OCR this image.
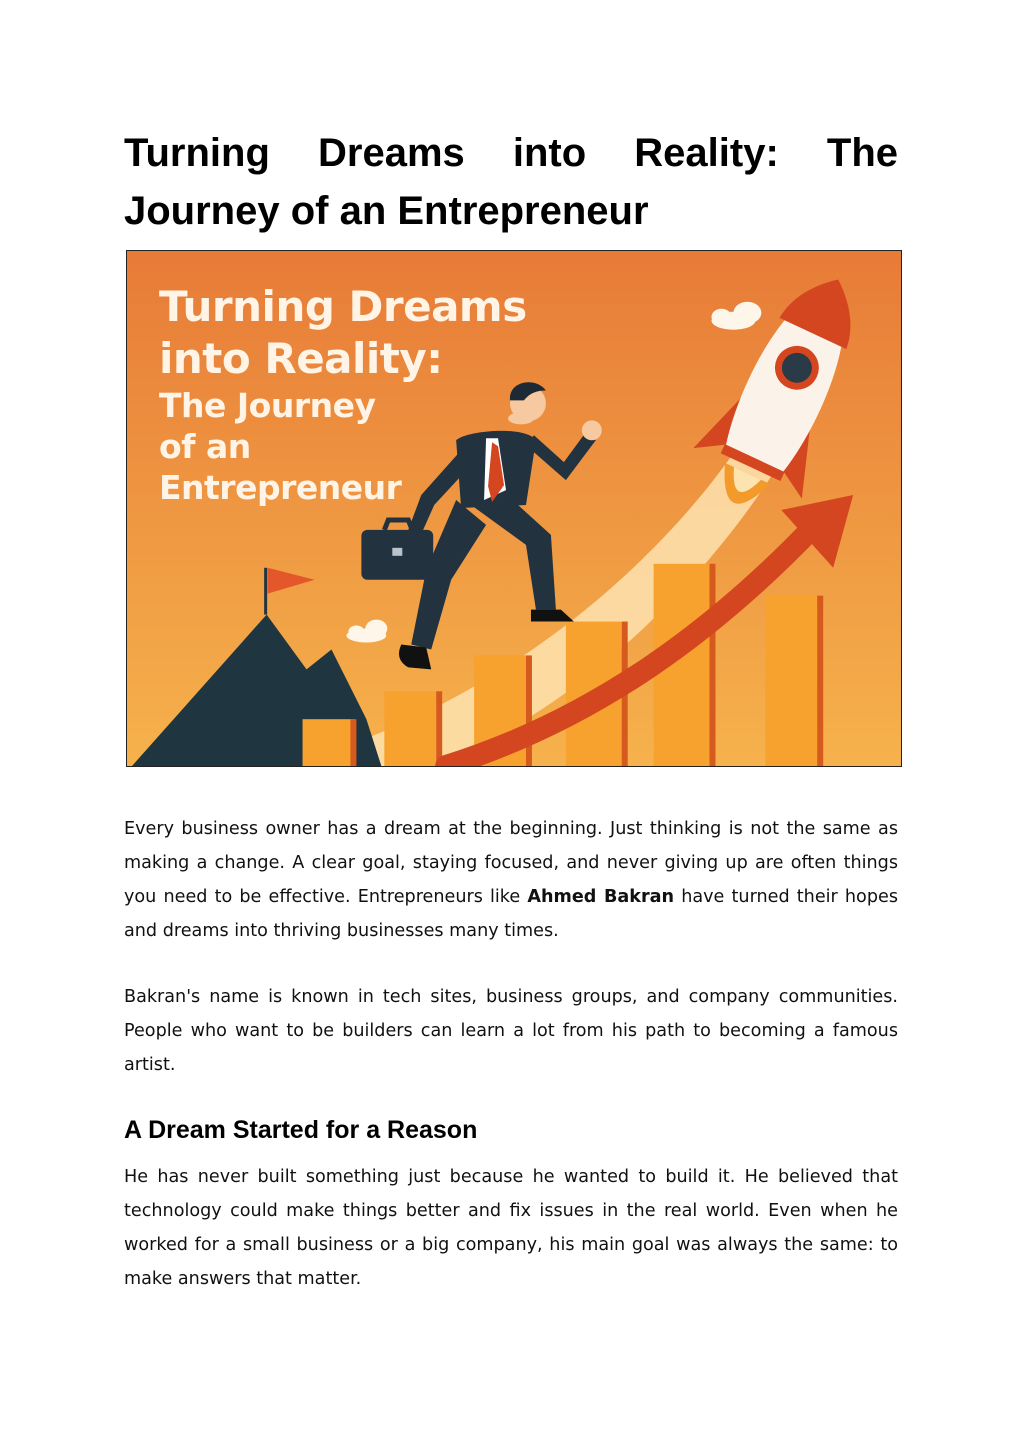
Turning Dreams into Reality: The Journey of an Entrepreneur
Turning Dreams
into Reality:
The Journey
of an
Entrepreneur

Every business owner has a dream at the beginning. Just thinking is not the same as making a change. A clear goal, staying focused, and never giving up are often things you need to be effective. Entrepreneurs like Ahmed Bakran have turned their hopes and dreams into thriving businesses many times.

Bakran's name is known in tech sites, business groups, and company communities. People who want to be builders can learn a lot from his path to becoming a famous artist.

A Dream Started for a Reason

He has never built something just because he wanted to build it. He believed that technology could make things better and fix issues in the real world. Even when he worked for a small business or a big company, his main goal was always the same: to make answers that matter.
